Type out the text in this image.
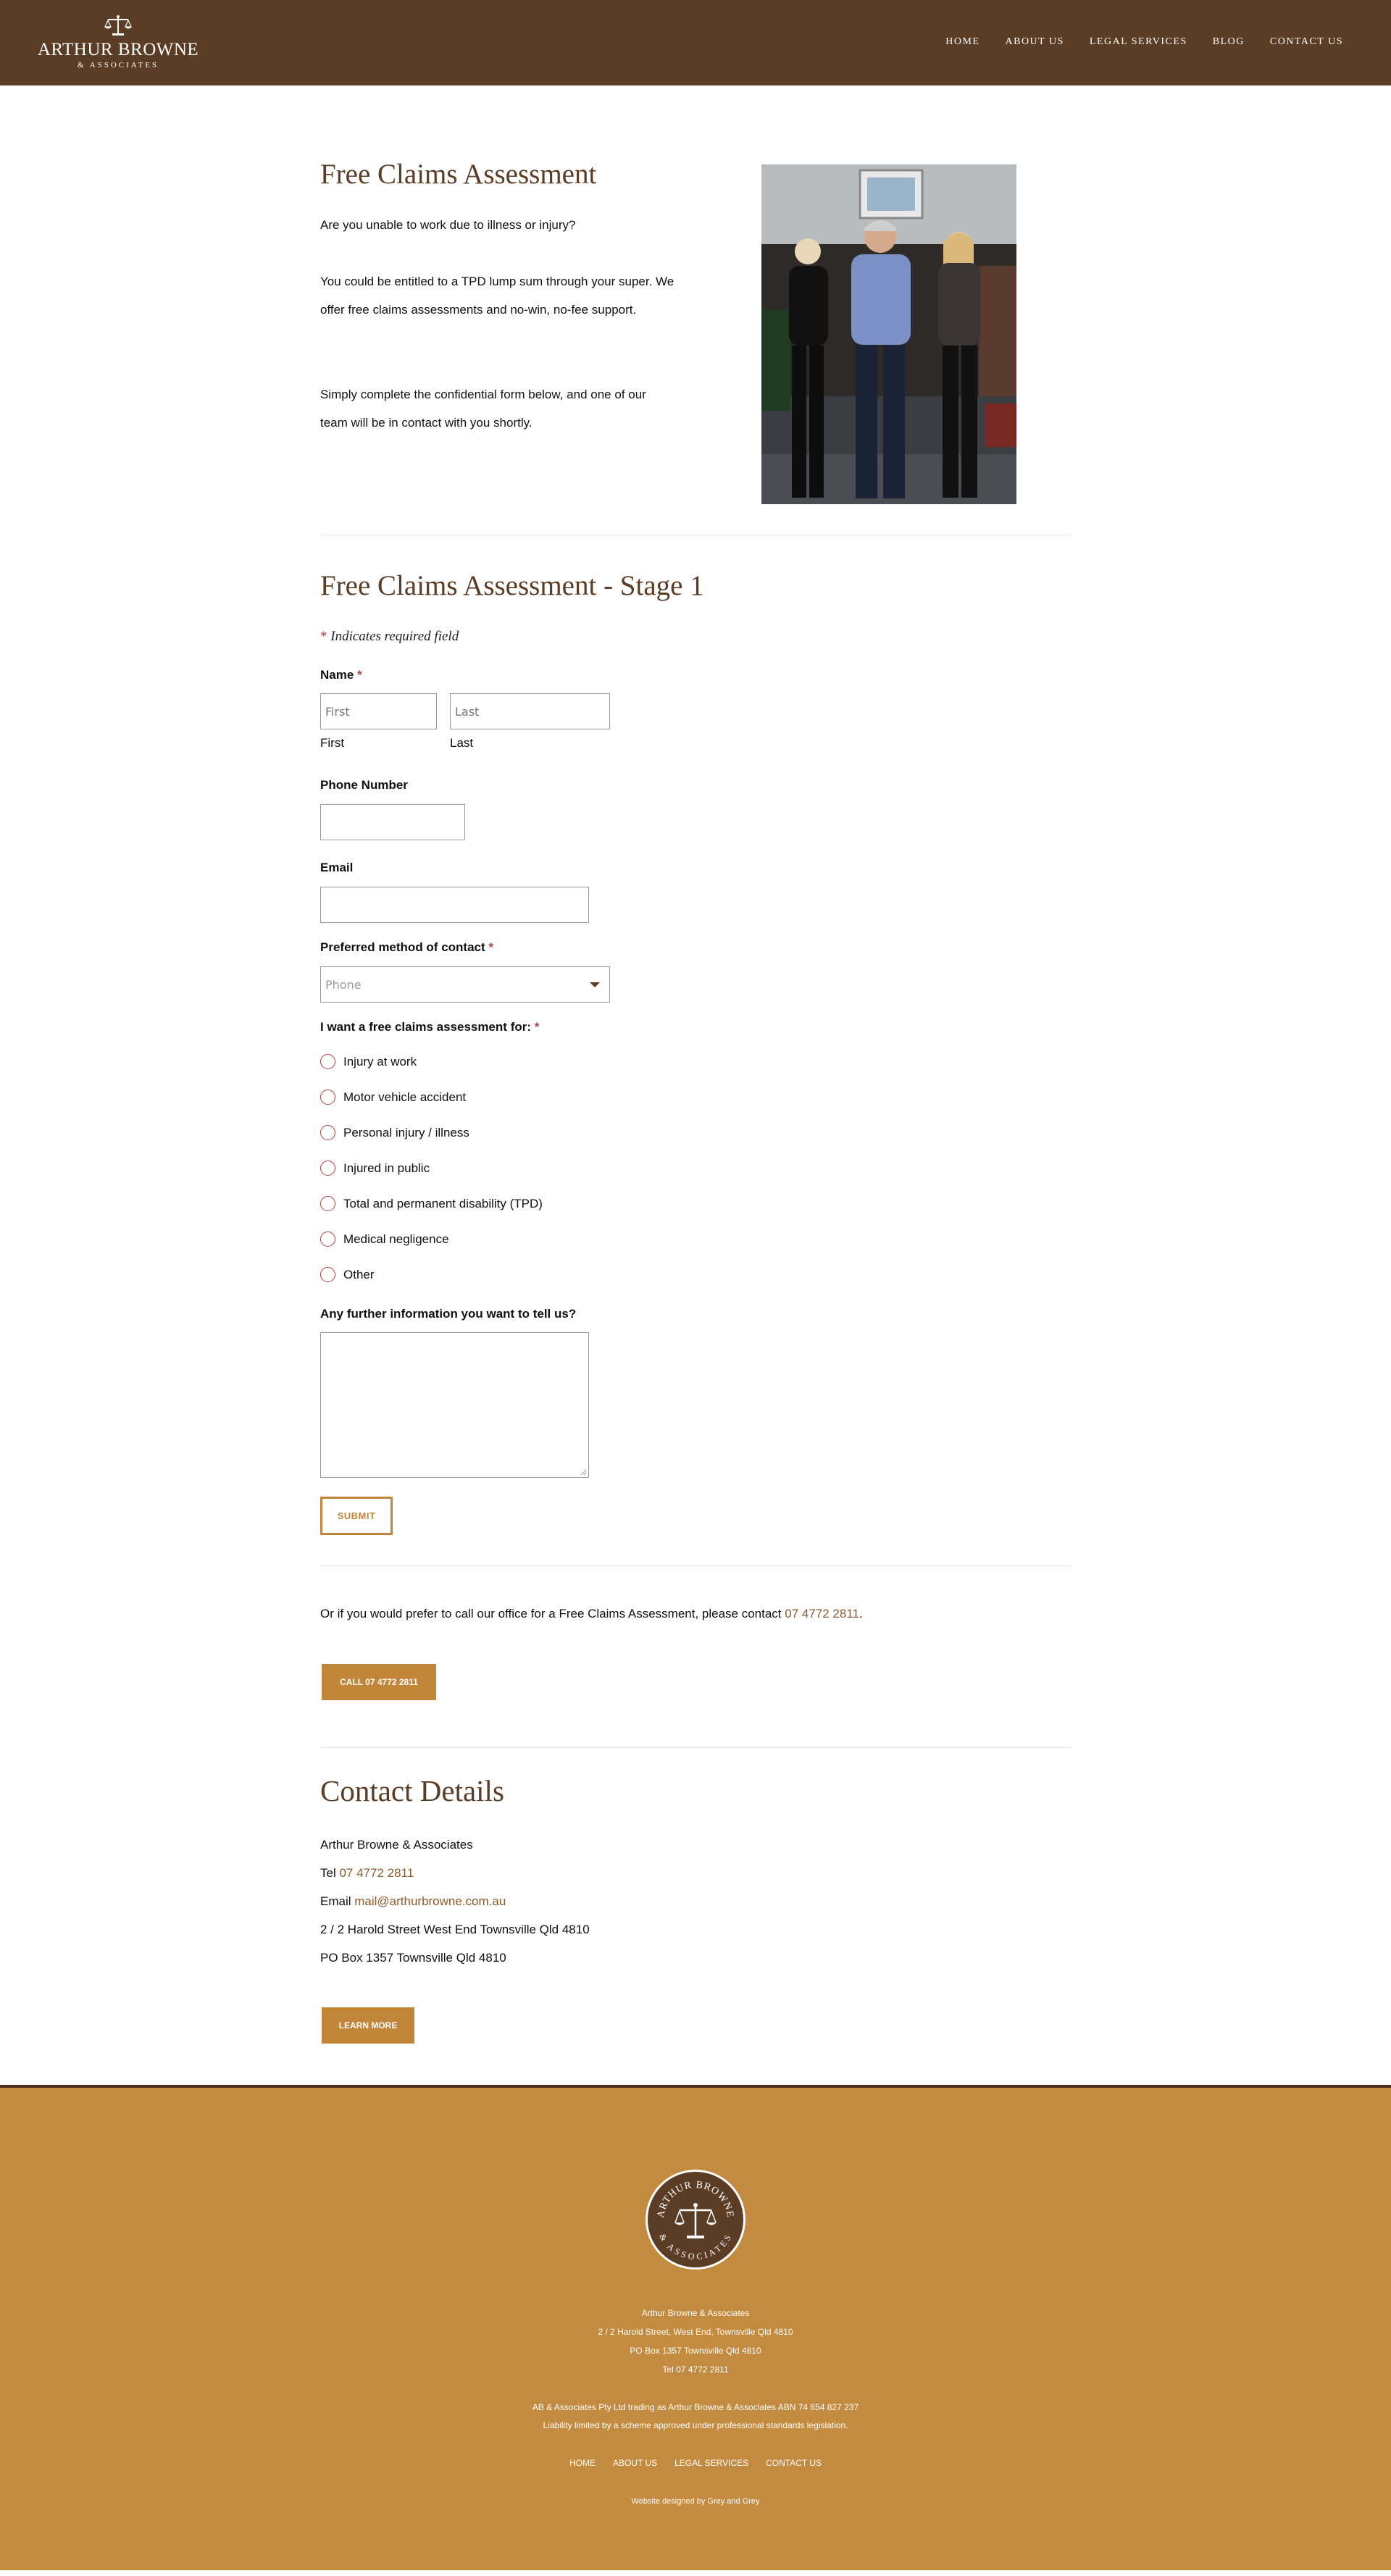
ARTHUR BROWNE
& ASSOCIATES
HOME	ABOUT US	LEGAL SERVICES	BLOG	CONTACT US
Free Claims Assessment

Are you unable to work due to illness or injury?

You could be entitled to a TPD lump sum through your super. We offer free claims assessments and no-win, no-fee support.

Simply complete the confidential form below, and one of our team will be in contact with you shortly.

Free Claims Assessment - Stage 1
* Indicates required field
Name *
First
Last
First	Last
Phone Number
Email
Preferred method of contact *
Phone
I want a free claims assessment for: *
Injury at work
Motor vehicle accident
Personal injury / illness
Injured in public
Total and permanent disability (TPD)
Medical negligence
Other
Any further information you want to tell us?
SUBMIT
Or if you would prefer to call our office for a Free Claims Assessment, please contact 07 4772 2811.
CALL 07 4772 2811
Contact Details
Arthur Browne & Associates
Tel 07 4772 2811
Email mail@arthurbrowne.com.au
2 / 2 Harold Street West End Townsville Qld 4810
PO Box 1357 Townsville Qld 4810
LEARN MORE
ARTHUR BROWNE
& ASSOCIATES
Arthur Browne & Associates
2 / 2 Harold Street, West End, Townsville Qld 4810
PO Box 1357 Townsville Qld 4810
Tel 07 4772 2811
AB & Associates Pty Ltd trading as Arthur Browne & Associates ABN 74 654 827 237
Liability limited by a scheme approved under professional standards legislation.
HOME ABOUT US LEGAL SERVICES CONTACT US
Website designed by Grey and Grey
